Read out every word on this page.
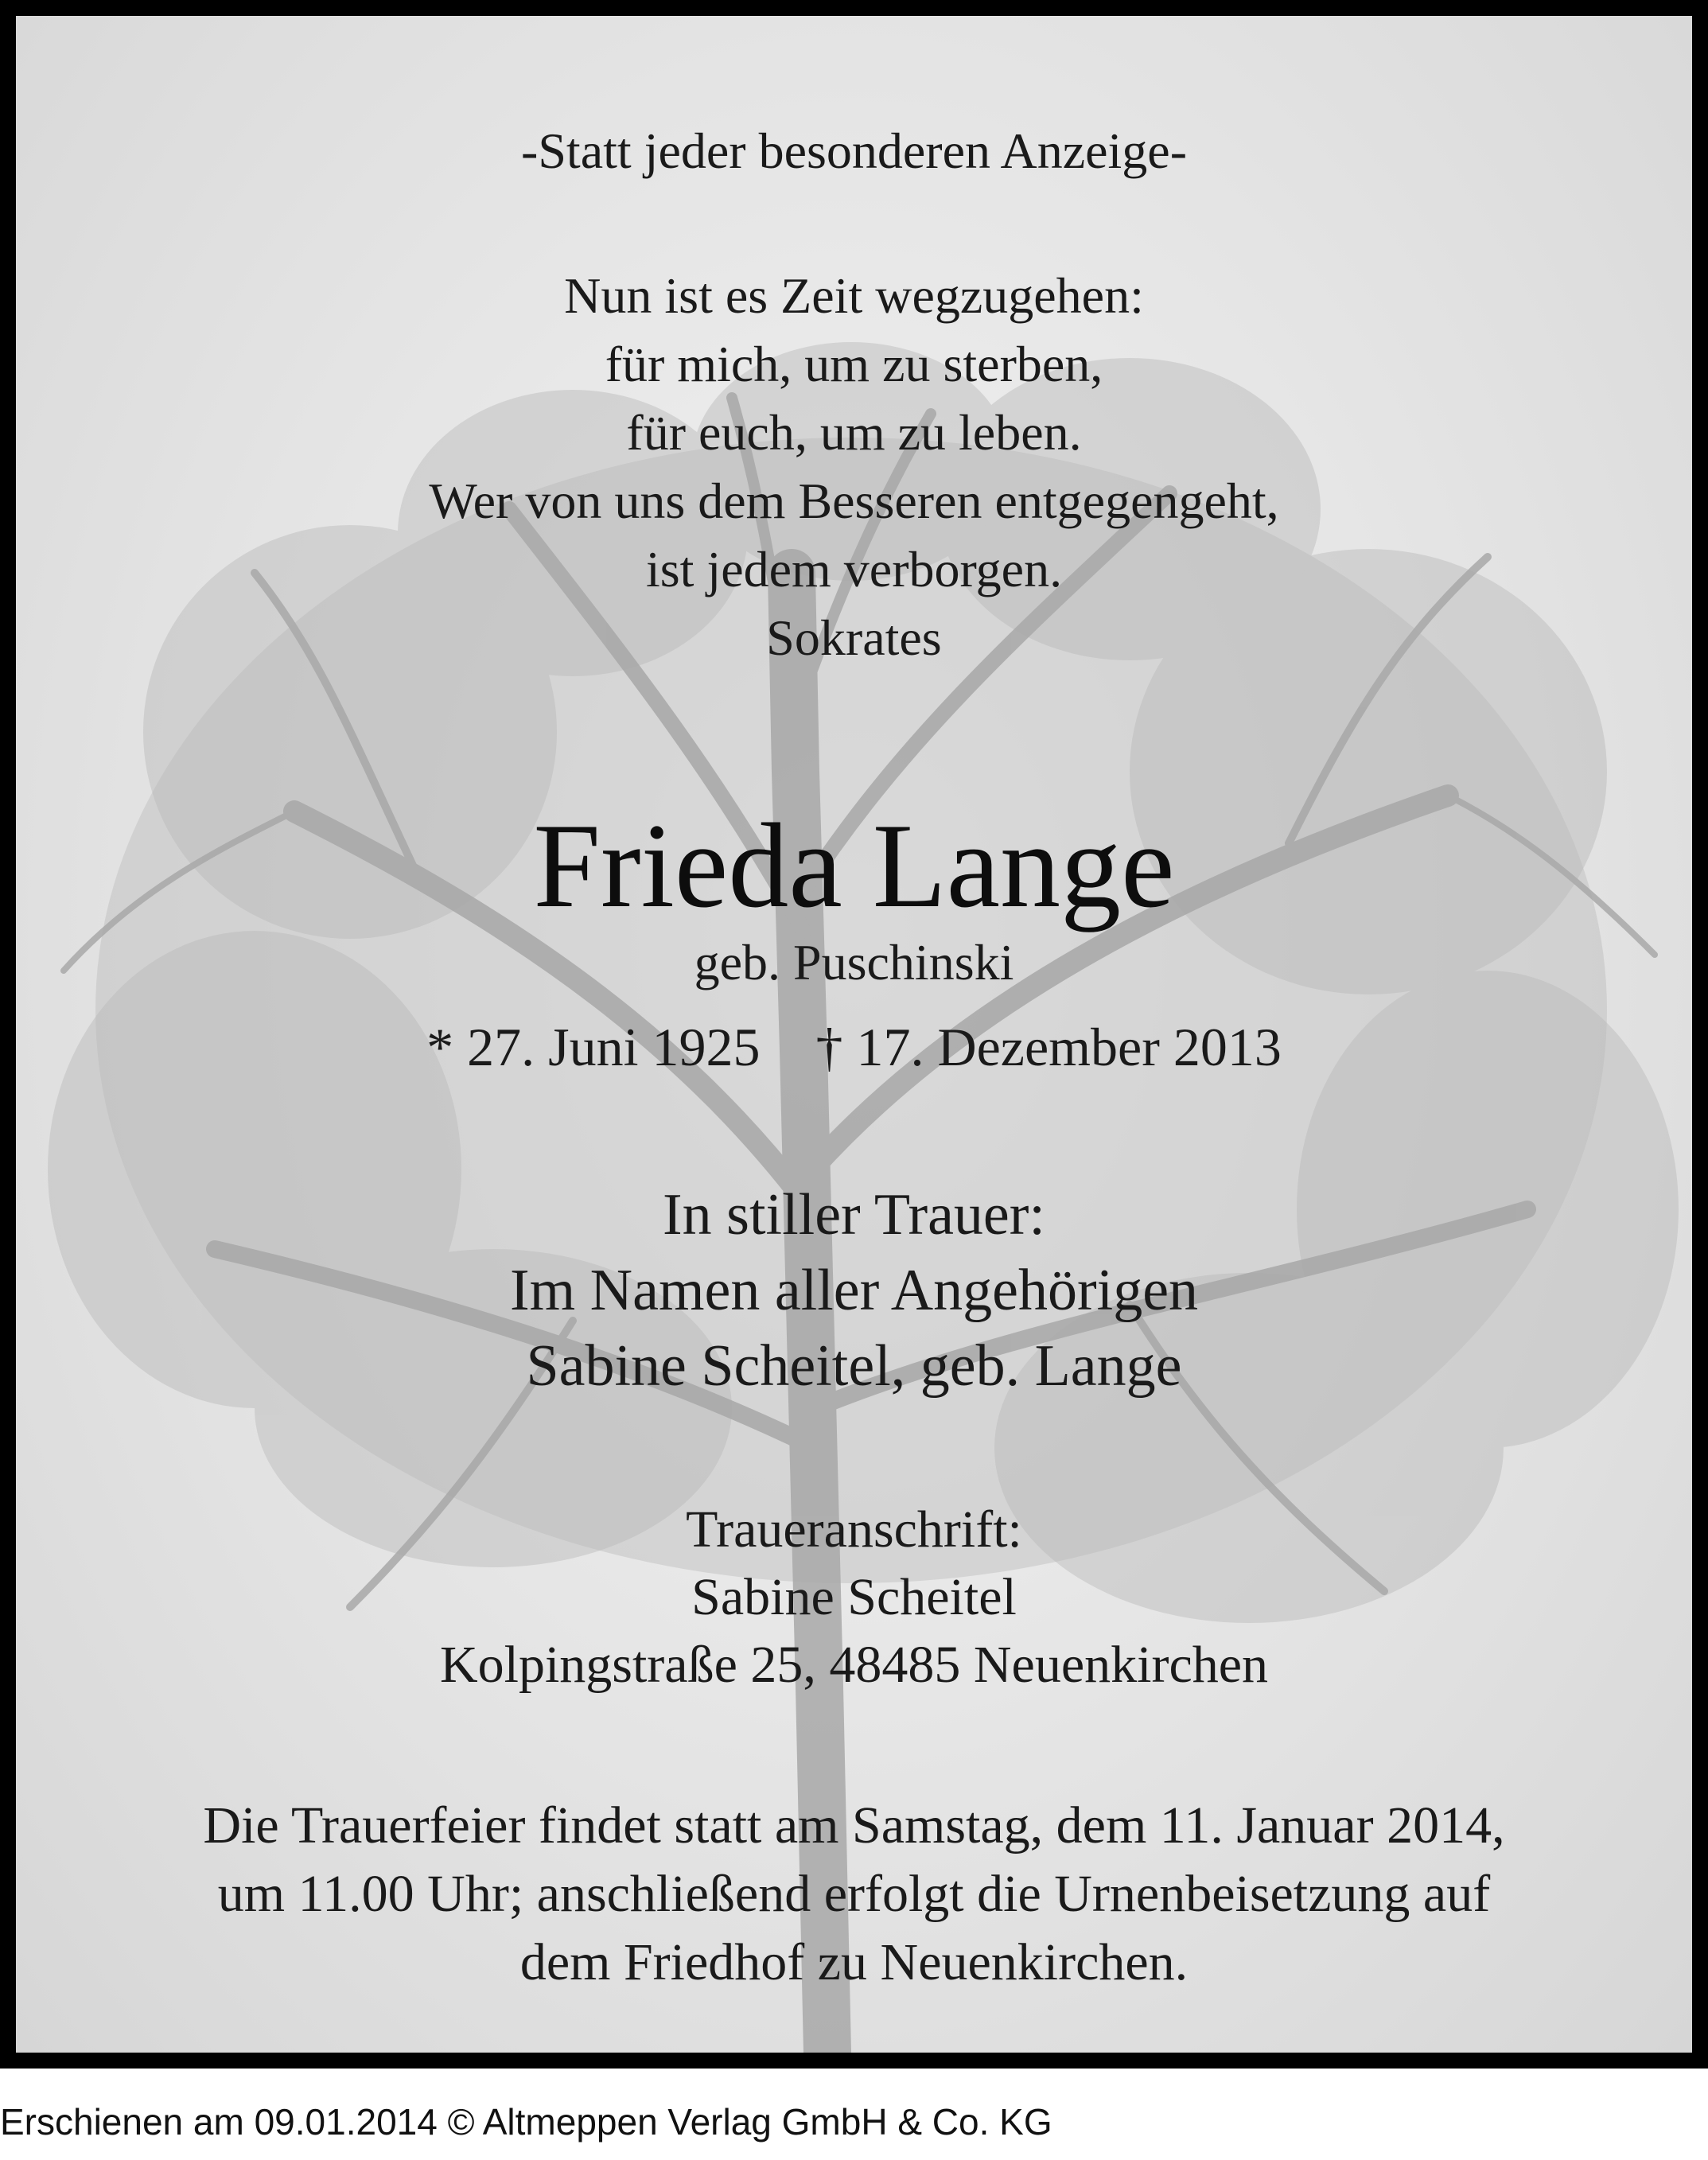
-Statt jeder besonderen Anzeige-
Nun ist es Zeit wegzugehen:
für mich, um zu sterben,
für euch, um zu leben.
Wer von uns dem Besseren entgegengeht,
ist jedem verborgen.
Sokrates
Frieda Lange
geb. Puschinski
* 27. Juni 1925 † 17. Dezember 2013
In stiller Trauer:
Im Namen aller Angehörigen
Sabine Scheitel, geb. Lange
Traueranschrift:
Sabine Scheitel
Kolpingstraße 25, 48485 Neuenkirchen
Die Trauerfeier findet statt am Samstag, dem 11. Januar 2014,
um 11.00 Uhr; anschließend erfolgt die Urnenbeisetzung auf
dem Friedhof zu Neuenkirchen.
Erschienen am 09.01.2014 © Altmeppen Verlag GmbH & Co. KG
